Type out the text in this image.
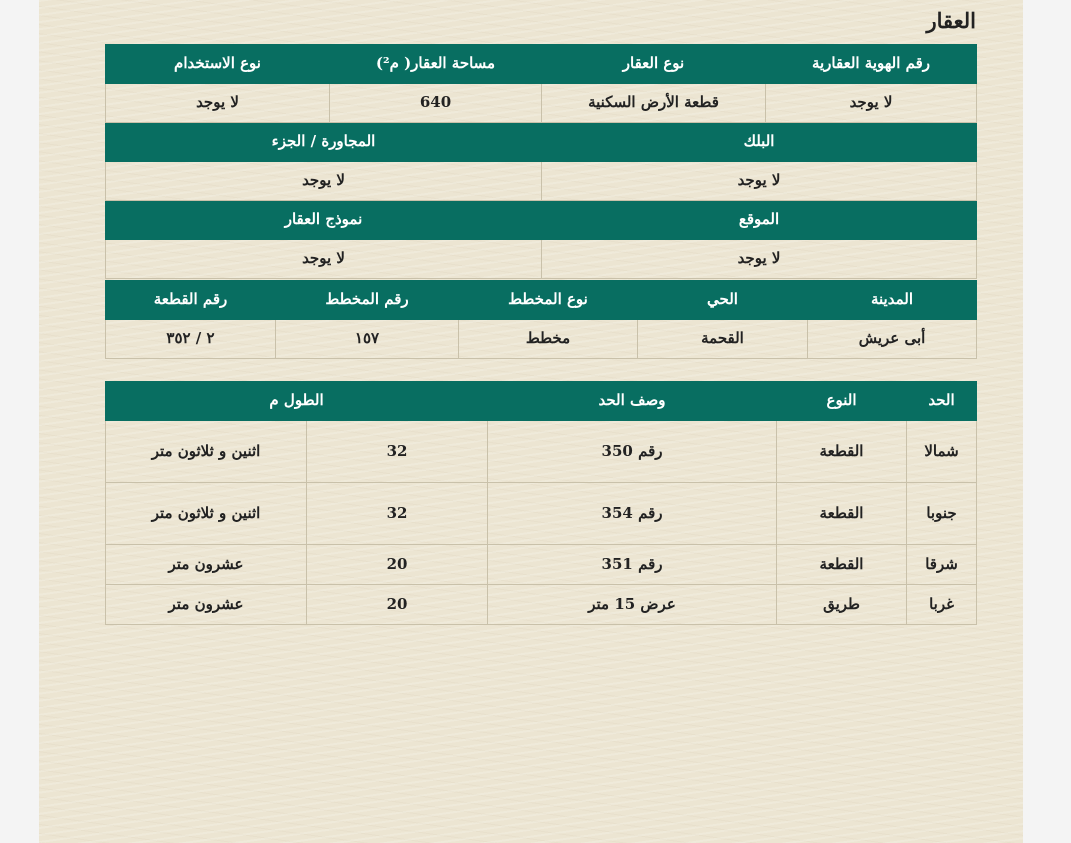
العقار
رقم الهوية العقارية	نوع العقار	مساحة العقار( م²)	نوع الاستخدام
لا يوجد	قطعة الأرض السكنية	640	لا يوجد
البلك		المجاورة / الجزء	
لا يوجد		لا يوجد	
الموقع		نموذج العقار	
لا يوجد		لا يوجد	
المدينة	الحي	نوع المخطط	رقم المخطط	رقم القطعة
أبى عريش	القحمة	مخطط	١٥٧	٢ / ٣٥٢
الحد	النوع	وصف الحد	الطول م	
شمالا	القطعة	رقم 350	32	اثنين و ثلاثون متر
جنوبا	القطعة	رقم 354	32	اثنين و ثلاثون متر
شرقا	القطعة	رقم 351	20	عشرون متر
غربا	طريق	عرض 15 متر	20	عشرون متر
